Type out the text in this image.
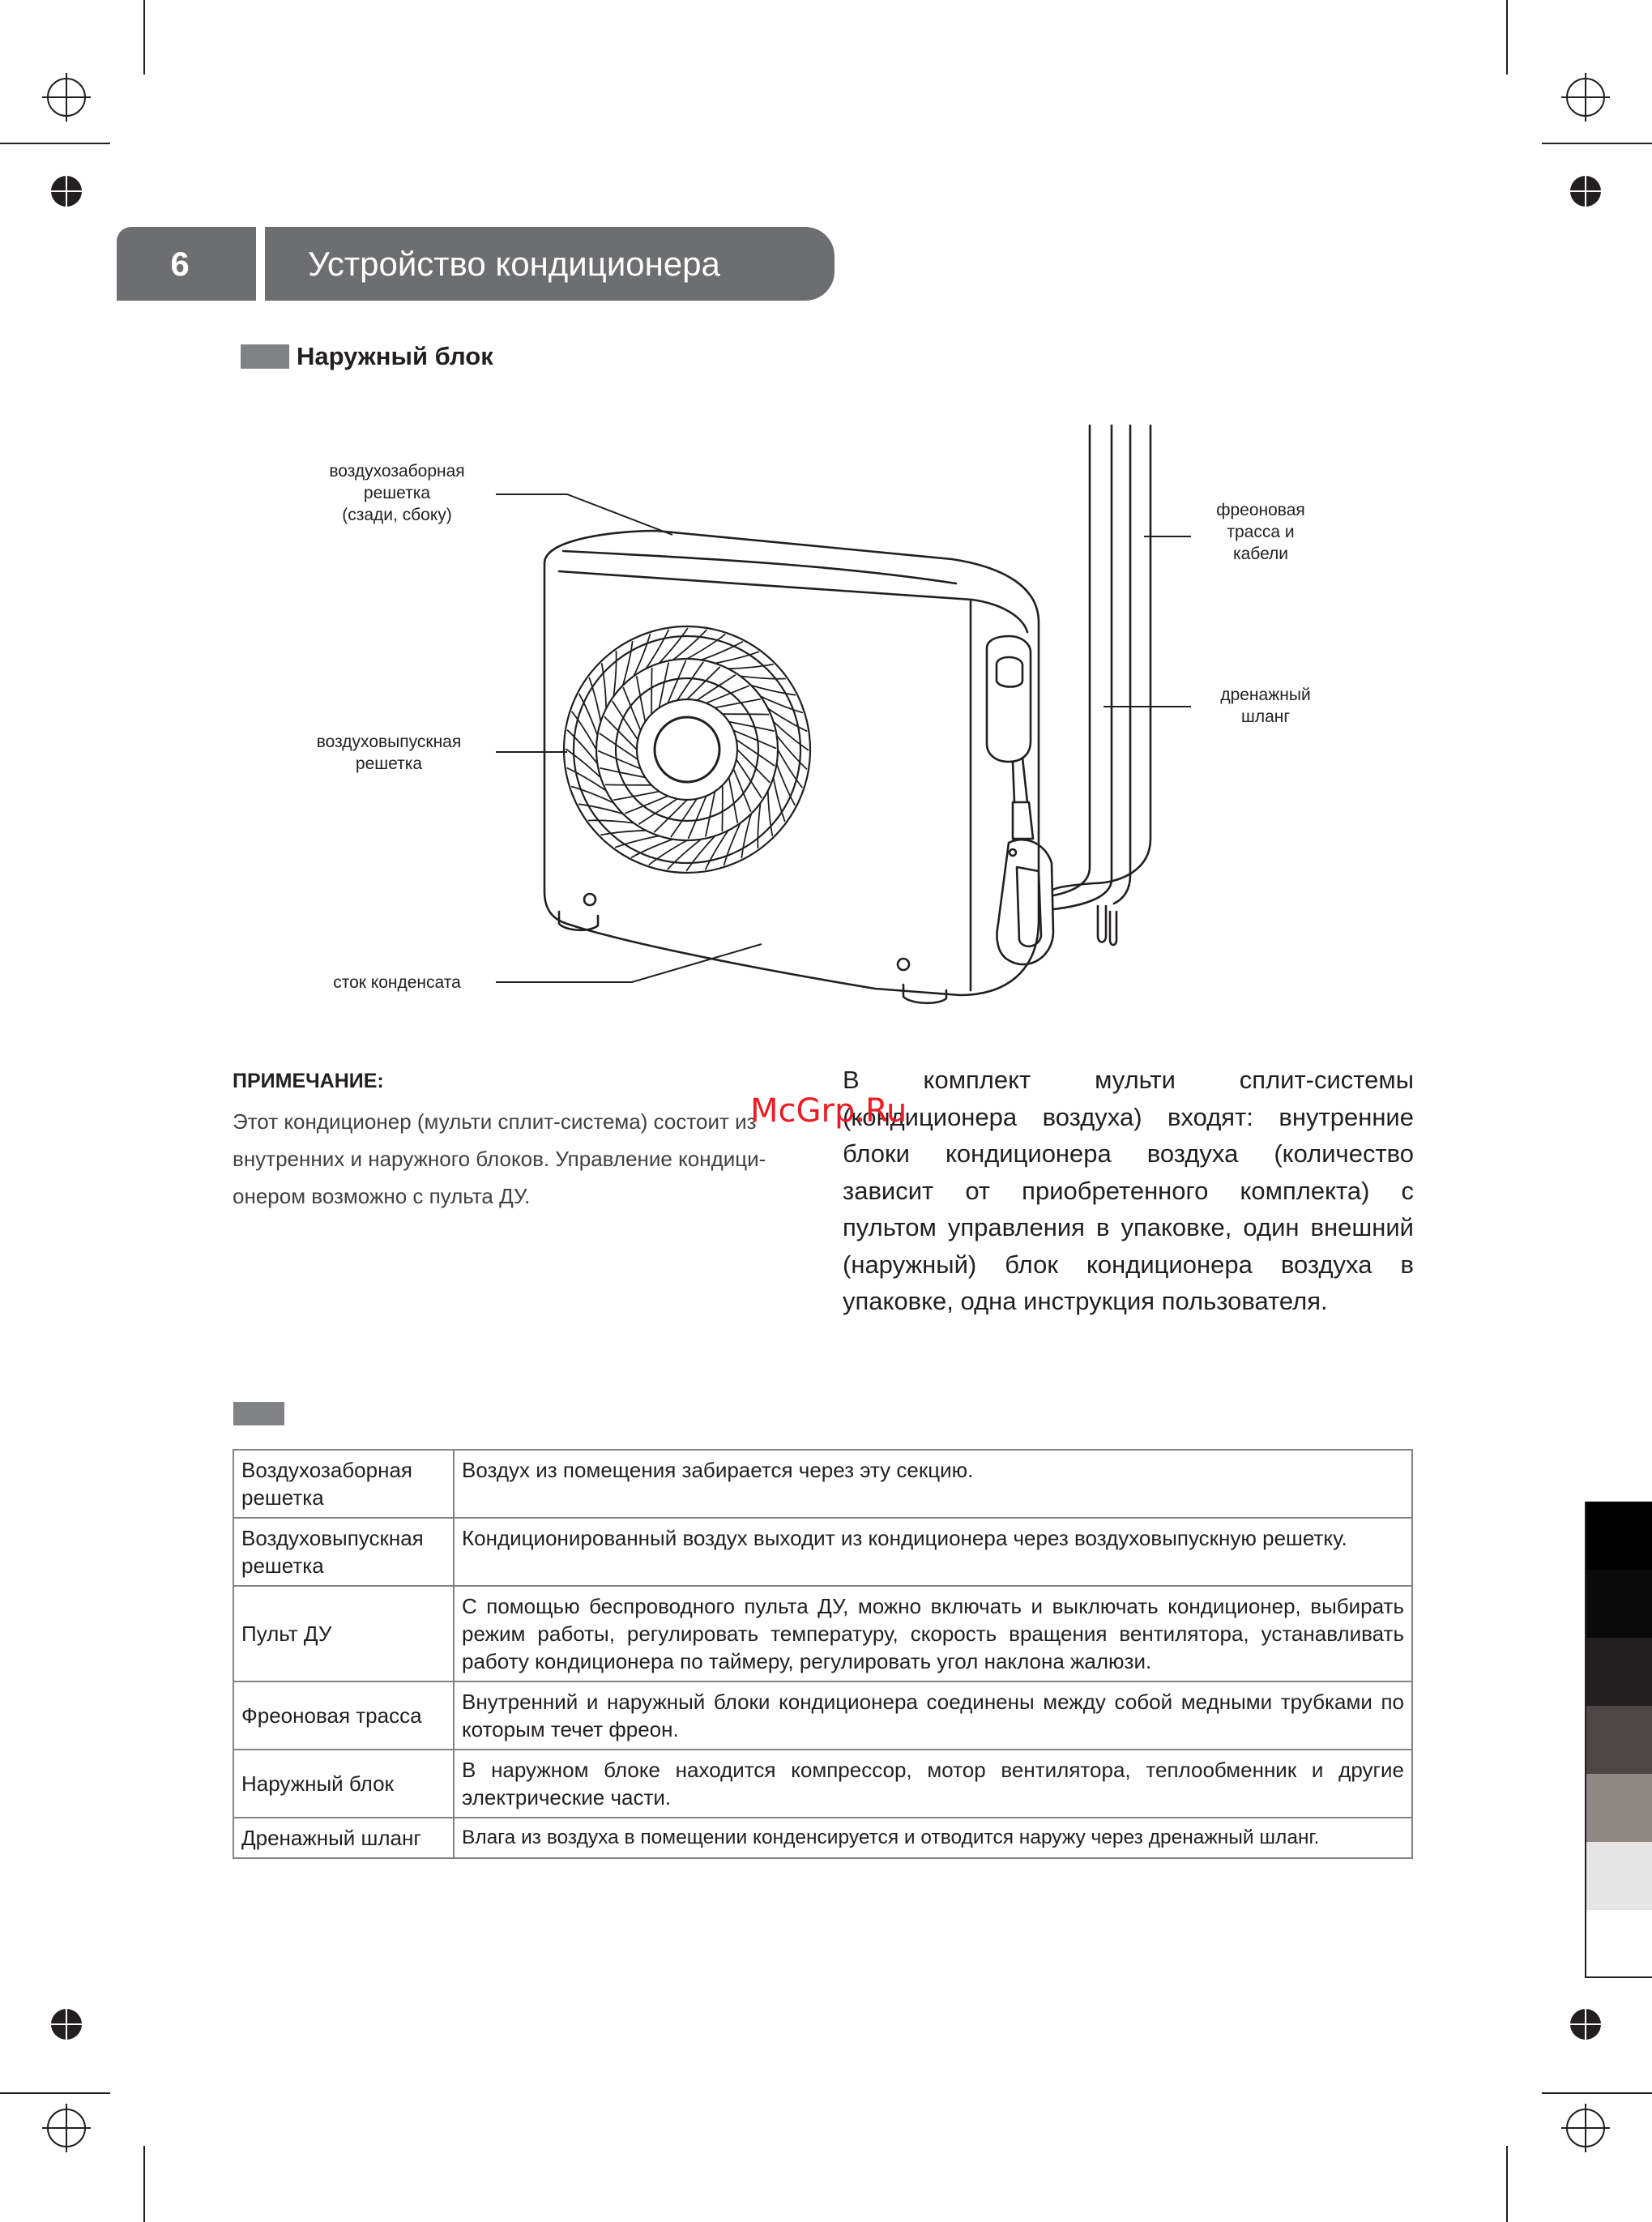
6	Устройство кондиционера
Наружный блок
воздухозаборная
решетка
(сзади, сбоку)
воздуховыпускная
решетка
сток конденсата
фреоновая
трасса и
кабели
дренажный
шланг
ПРИМЕЧАНИЕ:
Этот кондиционер (мульти сплит-система) состоит из
внутренних и наружного блоков. Управление кондици-
онером возможно с пульта ДУ.
В комплект мульти сплит-системы (кондиционера воздуха) входят: внутренние блоки кондиционера воздуха (количество зависит от приобретенного комплекта) с пультом управления в упаковке, один внешний (наружный) блок кондиционера воздуха в упаковке, одна инструкция пользователя.
McGrp.Ru
Воздухозаборная решетка	Воздух из помещения забирается через эту секцию.
Воздуховыпускная решетка	Кондиционированный воздух выходит из кондиционера через воздуховыпускную решетку.
Пульт ДУ	С помощью беспроводного пульта ДУ, можно включать и выключать кондиционер, выбирать режим работы, регулировать температуру, скорость вращения вентилятора, устанавливать работу кондиционера по таймеру, регулировать угол наклона жалюзи.
Фреоновая трасса	Внутренний и наружный блоки кондиционера соединены между собой медными трубками по которым течет фреон.
Наружный блок	В наружном блоке находится компрессор, мотор вентилятора, теплообменник и другие электрические части.
Дренажный шланг	Влага из воздуха в помещении конденсируется и отводится наружу через дренажный шланг.
